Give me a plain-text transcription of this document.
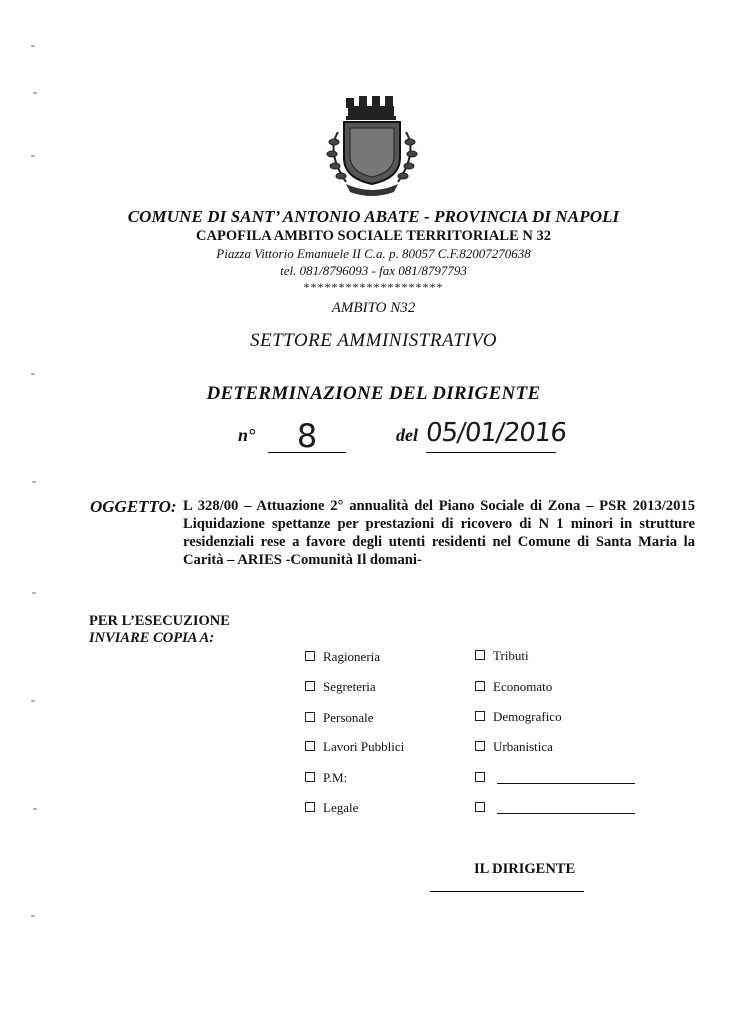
COMUNE DI SANT’ ANTONIO ABATE - PROVINCIA DI NAPOLI
CAPOFILA AMBITO SOCIALE TERRITORIALE N 32
Piazza Vittorio Emanuele II C.a. p. 80057 C.F.82007270638
tel. 081/8796093 - fax 081/8797793
********************
AMBITO N32
SETTORE AMMINISTRATIVO
DETERMINAZIONE DEL DIRIGENTE
n°	8	del 05/01/2016
OGGETTO: L 328/00 – Attuazione 2° annualità del Piano Sociale di Zona – PSR 2013/2015 Liquidazione spettanze per prestazioni di ricovero di N 1 minori in strutture residenziali rese a favore degli utenti residenti nel Comune di Santa Maria la Carità – ARIES -Comunità Il domani-
PER L’ESECUZIONE
INVIARE COPIA A:
Ragioneria
Segreteria
Personale
Lavori Pubblici
P.M:
Legale
Tributi
Economato
Demografico
Urbanistica
IL DIRIGENTE
